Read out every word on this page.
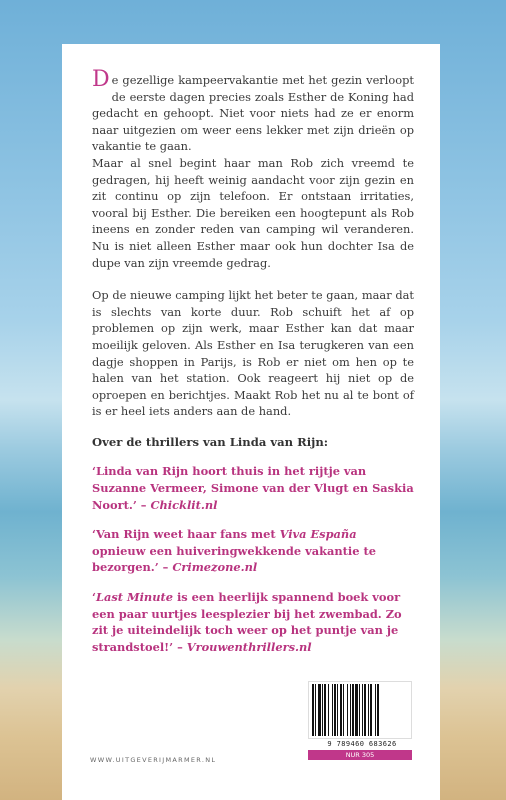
De gezellige kampeervakantie met het gezin verloopt de eerste dagen precies zoals Esther de Koning had gedacht en gehoopt. Niet voor niets had ze er enorm naar uitgezien om weer eens lekker met zijn drieën op vakantie te gaan.

Maar al snel begint haar man Rob zich vreemd te gedragen, hij heeft weinig aandacht voor zijn gezin en zit continu op zijn telefoon. Er ontstaan irritaties, vooral bij Esther. Die bereiken een hoogtepunt als Rob ineens en zonder reden van camping wil veranderen. Nu is niet alleen Esther maar ook hun dochter Isa de dupe van zijn vreemde gedrag.

Op de nieuwe camping lijkt het beter te gaan, maar dat is slechts van korte duur. Rob schuift het af op problemen op zijn werk, maar Esther kan dat maar moeilijk geloven. Als Esther en Isa terugkeren van een dagje shoppen in Parijs, is Rob er niet om hen op te halen van het station. Ook reageert hij niet op de oproepen en berichtjes. Maakt Rob het nu al te bont of is er heel iets anders aan de hand.

Over de thrillers van Linda van Rijn:
‘Linda van Rijn hoort thuis in het rijtje van Suzanne Vermeer, Simone van der Vlugt en Saskia Noort.’ – Chicklit.nl
‘Van Rijn weet haar fans met Viva España opnieuw een huiveringwekkende vakantie te bezorgen.’ – Crimezone.nl
‘Last Minute is een heerlijk spannend boek voor een paar uurtjes leesplezier bij het zwembad. Zo zit je uiteindelijk toch weer op het puntje van je strandstoel!’ – Vrouwenthrillers.nl
9 789460 683626
NUR 305
WWW.UITGEVERIJMARMER.NL
